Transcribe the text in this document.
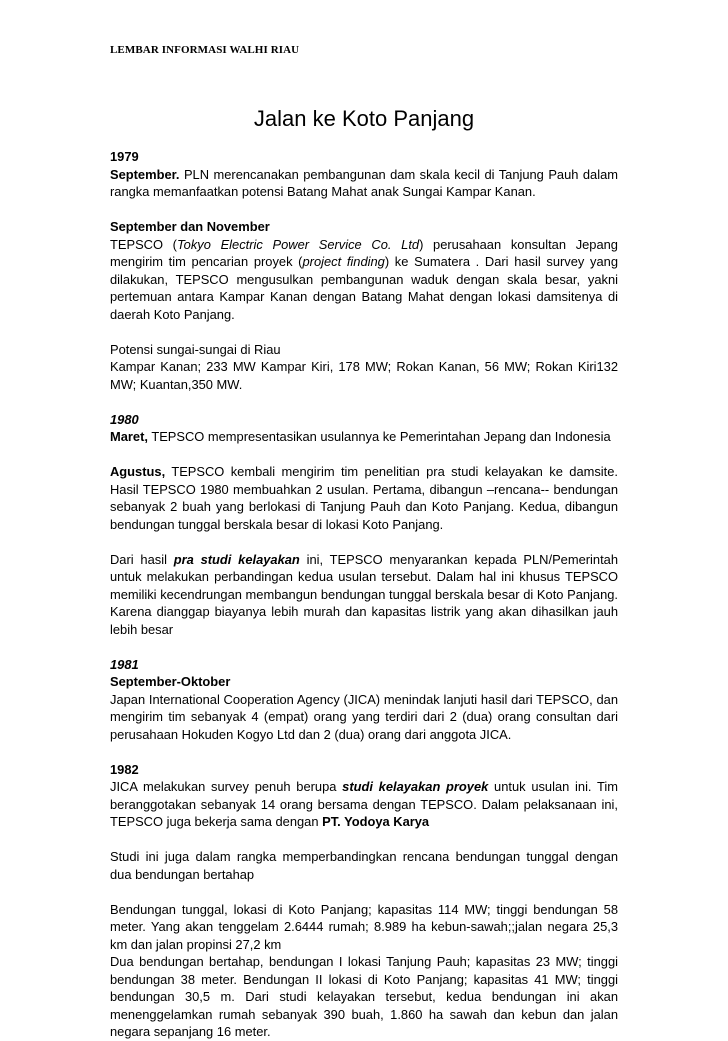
LEMBAR INFORMASI WALHI RIAU
Jalan ke Koto Panjang

1979

September. PLN merencanakan pembangunan dam skala kecil di Tanjung Pauh dalam rangka memanfaatkan potensi Batang Mahat anak Sungai Kampar Kanan.

September dan November

TEPSCO (Tokyo Electric Power Service Co. Ltd) perusahaan konsultan Jepang mengirim tim pencarian proyek (project finding) ke Sumatera . Dari hasil survey yang dilakukan, TEPSCO mengusulkan pembangunan waduk dengan skala besar, yakni pertemuan antara Kampar Kanan dengan Batang Mahat dengan lokasi damsitenya di daerah Koto Panjang.

Potensi sungai-sungai di Riau

Kampar Kanan; 233 MW Kampar Kiri, 178 MW; Rokan Kanan, 56 MW; Rokan Kiri132 MW; Kuantan,350 MW.

1980

Maret, TEPSCO mempresentasikan usulannya ke Pemerintahan Jepang dan Indonesia

Agustus, TEPSCO kembali mengirim tim penelitian pra studi kelayakan ke damsite. Hasil TEPSCO 1980 membuahkan 2 usulan. Pertama, dibangun –rencana-- bendungan sebanyak 2 buah yang berlokasi di Tanjung Pauh dan Koto Panjang. Kedua, dibangun bendungan tunggal berskala besar di lokasi Koto Panjang.

Dari hasil pra studi kelayakan ini, TEPSCO menyarankan kepada PLN/Pemerintah untuk melakukan perbandingan kedua usulan tersebut. Dalam hal ini khusus TEPSCO memiliki kecendrungan membangun bendungan tunggal berskala besar di Koto Panjang. Karena dianggap biayanya lebih murah dan kapasitas listrik yang akan dihasilkan jauh lebih besar

1981

September-Oktober

Japan International Cooperation Agency (JICA) menindak lanjuti hasil dari TEPSCO, dan mengirim tim sebanyak 4 (empat) orang yang terdiri dari 2 (dua) orang consultan dari perusahaan Hokuden Kogyo Ltd dan 2 (dua) orang dari anggota JICA.

1982

JICA melakukan survey penuh berupa studi kelayakan proyek untuk usulan ini. Tim beranggotakan sebanyak 14 orang bersama dengan TEPSCO. Dalam pelaksanaan ini, TEPSCO juga bekerja sama dengan PT. Yodoya Karya

Studi ini juga dalam rangka memperbandingkan rencana bendungan tunggal dengan dua bendungan bertahap

Bendungan tunggal, lokasi di Koto Panjang; kapasitas 114 MW; tinggi bendungan 58 meter. Yang akan tenggelam 2.6444 rumah; 8.989 ha kebun-sawah;;jalan negara 25,3 km dan jalan propinsi 27,2 km

Dua bendungan bertahap, bendungan I lokasi Tanjung Pauh; kapasitas 23 MW; tinggi bendungan 38 meter. Bendungan II lokasi di Koto Panjang; kapasitas 41 MW; tinggi bendungan 30,5 m. Dari studi kelayakan tersebut, kedua bendungan ini akan menenggelamkan rumah sebanyak 390 buah, 1.860 ha sawah dan kebun dan jalan negara sepanjang 16 meter.
